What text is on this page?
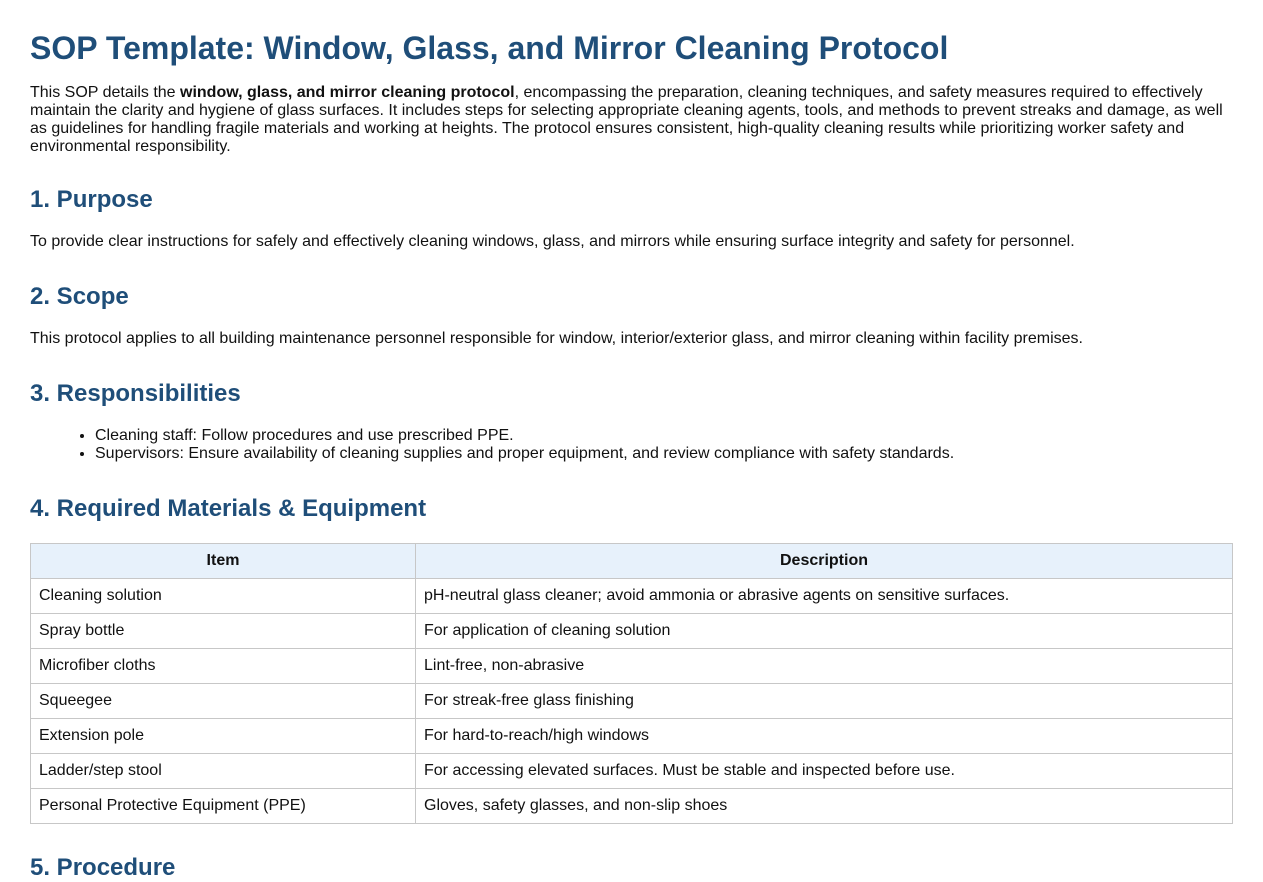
SOP Template: Window, Glass, and Mirror Cleaning Protocol

This SOP details the window, glass, and mirror cleaning protocol, encompassing the preparation, cleaning techniques, and safety measures required to effectively maintain the clarity and hygiene of glass surfaces. It includes steps for selecting appropriate cleaning agents, tools, and methods to prevent streaks and damage, as well as guidelines for handling fragile materials and working at heights. The protocol ensures consistent, high-quality cleaning results while prioritizing worker safety and environmental responsibility.

1. Purpose

To provide clear instructions for safely and effectively cleaning windows, glass, and mirrors while ensuring surface integrity and safety for personnel.

2. Scope

This protocol applies to all building maintenance personnel responsible for window, interior/exterior glass, and mirror cleaning within facility premises.

3. Responsibilities
• Cleaning staff: Follow procedures and use prescribed PPE.
• Supervisors: Ensure availability of cleaning supplies and proper equipment, and review compliance with safety standards.
4. Required Materials & Equipment
Item	Description
Cleaning solution	pH-neutral glass cleaner; avoid ammonia or abrasive agents on sensitive surfaces.
Spray bottle	For application of cleaning solution
Microfiber cloths	Lint-free, non-abrasive
Squeegee	For streak-free glass finishing
Extension pole	For hard-to-reach/high windows
Ladder/step stool	For accessing elevated surfaces. Must be stable and inspected before use.
Personal Protective Equipment (PPE)	Gloves, safety glasses, and non-slip shoes
5. Procedure
